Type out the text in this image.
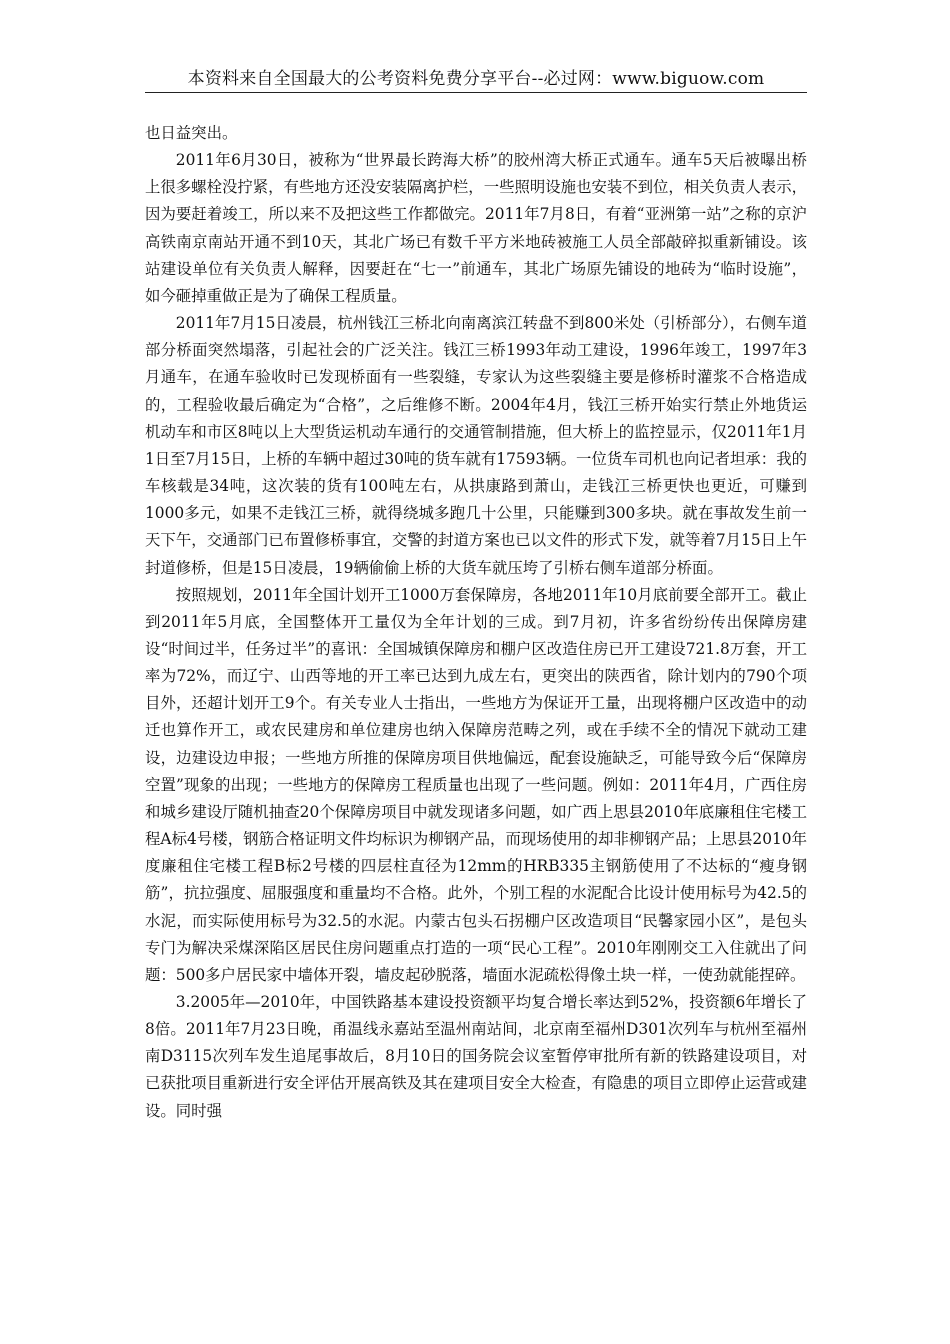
本资料来自全国最大的公考资料免费分享平台--必过网：www.biguow.com

也日益突出。

2011年6月30日，被称为“世界最长跨海大桥”的胶州湾大桥正式通车。通车5天后被曝出桥上很多螺栓没拧紧，有些地方还没安装隔离护栏，一些照明设施也安装不到位，相关负责人表示，因为要赶着竣工，所以来不及把这些工作都做完。2011年7月8日，有着“亚洲第一站”之称的京沪高铁南京南站开通不到10天，其北广场已有数千平方米地砖被施工人员全部敲碎拟重新铺设。该站建设单位有关负责人解释，因要赶在“七一”前通车，其北广场原先铺设的地砖为“临时设施”，如今砸掉重做正是为了确保工程质量。

2011年7月15日凌晨，杭州钱江三桥北向南离滨江转盘不到800米处（引桥部分），右侧车道部分桥面突然塌落，引起社会的广泛关注。钱江三桥1993年动工建设，1996年竣工，1997年3月通车，在通车验收时已发现桥面有一些裂缝，专家认为这些裂缝主要是修桥时灌浆不合格造成的，工程验收最后确定为“合格”，之后维修不断。2004年4月，钱江三桥开始实行禁止外地货运机动车和市区8吨以上大型货运机动车通行的交通管制措施，但大桥上的监控显示，仅2011年1月1日至7月15日，上桥的车辆中超过30吨的货车就有17593辆。一位货车司机也向记者坦承：我的车核载是34吨，这次装的货有100吨左右，从拱康路到萧山，走钱江三桥更快也更近，可赚到1000多元，如果不走钱江三桥，就得绕城多跑几十公里，只能赚到300多块。就在事故发生前一天下午，交通部门已布置修桥事宜，交警的封道方案也已以文件的形式下发，就等着7月15日上午封道修桥，但是15日凌晨，19辆偷偷上桥的大货车就压垮了引桥右侧车道部分桥面。

按照规划，2011年全国计划开工1000万套保障房，各地2011年10月底前要全部开工。截止到2011年5月底，全国整体开工量仅为全年计划的三成。到7月初，许多省纷纷传出保障房建设“时间过半，任务过半”的喜讯：全国城镇保障房和棚户区改造住房已开工建设721.8万套，开工率为72%，而辽宁、山西等地的开工率已达到九成左右，更突出的陕西省，除计划内的790个项目外，还超计划开工9个。有关专业人士指出，一些地方为保证开工量，出现将棚户区改造中的动迁也算作开工，或农民建房和单位建房也纳入保障房范畴之列，或在手续不全的情况下就动工建设，边建设边申报；一些地方所推的保障房项目供地偏远，配套设施缺乏，可能导致今后“保障房空置”现象的出现；一些地方的保障房工程质量也出现了一些问题。例如：2011年4月，广西住房和城乡建设厅随机抽查20个保障房项目中就发现诸多问题，如广西上思县2010年底廉租住宅楼工程A标4号楼，钢筋合格证明文件均标识为柳钢产品，而现场使用的却非柳钢产品；上思县2010年度廉租住宅楼工程B标2号楼的四层柱直径为12mm的HRB335主钢筋使用了不达标的“瘦身钢筋”，抗拉强度、屈服强度和重量均不合格。此外，个别工程的水泥配合比设计使用标号为42.5的水泥，而实际使用标号为32.5的水泥。内蒙古包头石拐棚户区改造项目“民馨家园小区”，是包头专门为解决采煤深陷区居民住房问题重点打造的一项“民心工程”。2010年刚刚交工入住就出了问题：500多户居民家中墙体开裂，墙皮起砂脱落，墙面水泥疏松得像土块一样，一使劲就能捏碎。

3.2005年—2010年，中国铁路基本建设投资额平均复合增长率达到52%，投资额6年增长了8倍。2011年7月23日晚，甬温线永嘉站至温州南站间，北京南至福州D301次列车与杭州至福州南D3115次列车发生追尾事故后，8月10日的国务院会议室暂停审批所有新的铁路建设项目，对已获批项目重新进行安全评估开展高铁及其在建项目安全大检查，有隐患的项目立即停止运营或建设。同时强
